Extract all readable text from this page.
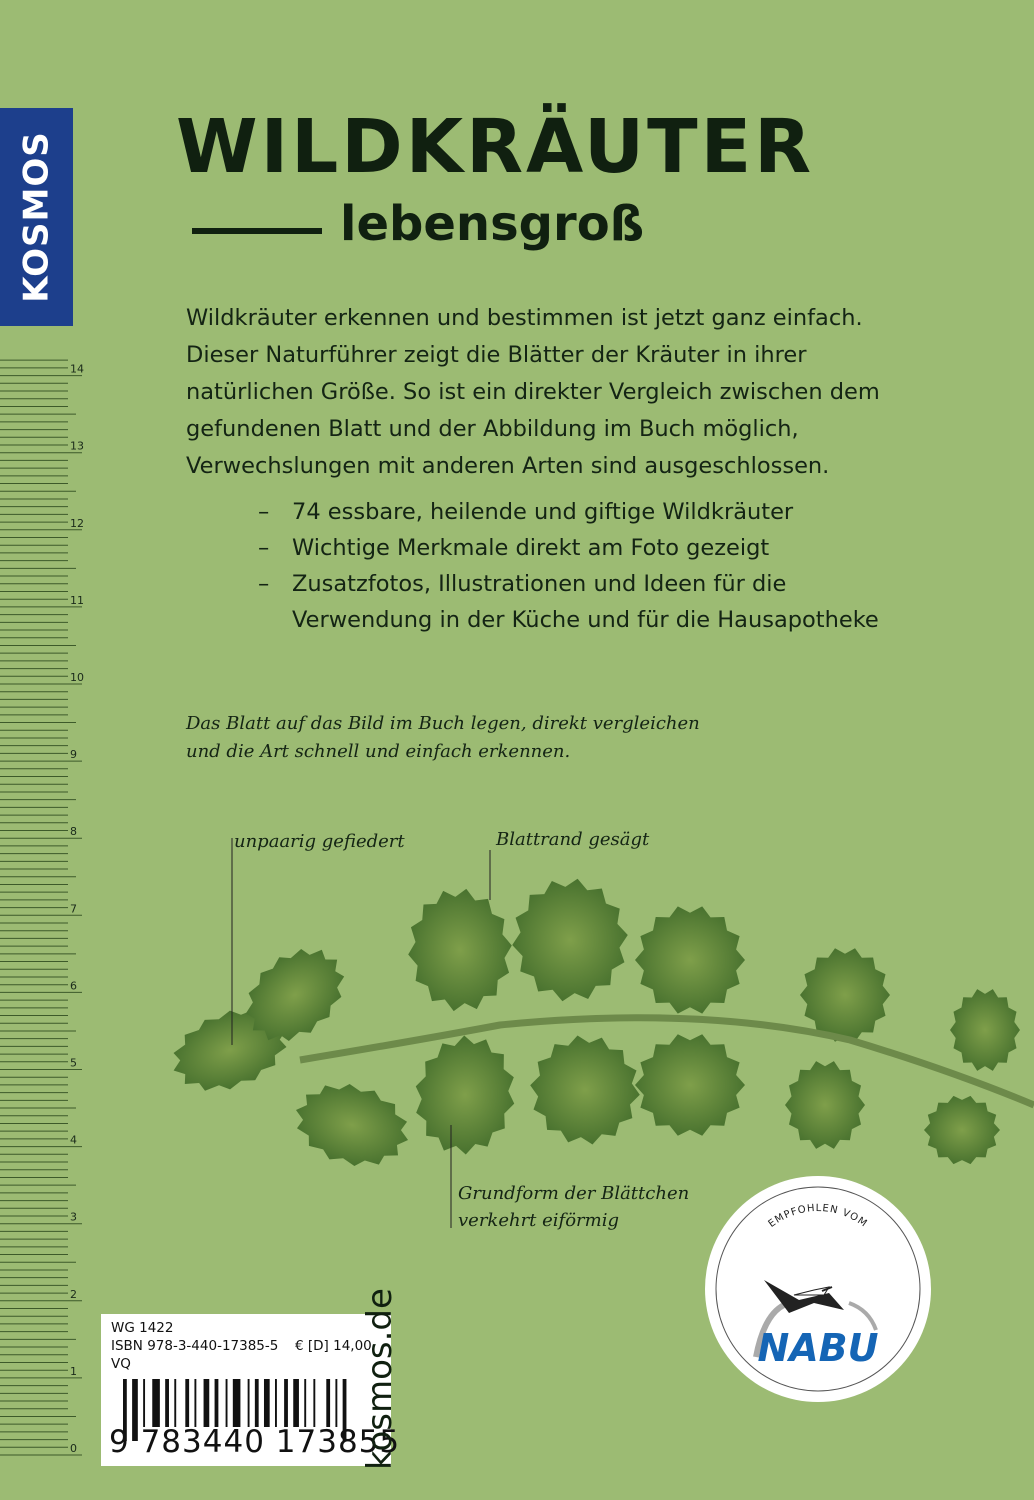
0
1
2
3
4
5
6
7
8
9
10
11
12
13
14
KOSMOS WILDKRÄUTER
lebensgroß
Wildkräuter erkennen und bestimmen ist jetzt ganz einfach. Dieser Naturführer zeigt die Blätter der Kräuter in ihrer natürlichen Größe. So ist ein direkter Vergleich zwischen dem gefundenen Blatt und der Abbildung im Buch möglich, Verwechslungen mit anderen Arten sind ausgeschlossen.
– 74 essbare, heilende und giftige Wildkräuter
– Wichtige Merkmale direkt am Foto gezeigt
– Zusatzfotos, Illustrationen und Ideen für die Verwendung in der Küche und für die Hausapotheke
Das Blatt auf das Bild im Buch legen, direkt vergleichen
und die Art schnell und einfach erkennen.
unpaarig gefiedert	Blattrand gesägt
Grundform der Blättchen
verkehrt eiförmig
WG 1422
ISBN 978-3-440-17385-5 € [D] 14,00
VQ
9 783440 173855
kosmos.de
EMPFOHLEN VOM
NABU
